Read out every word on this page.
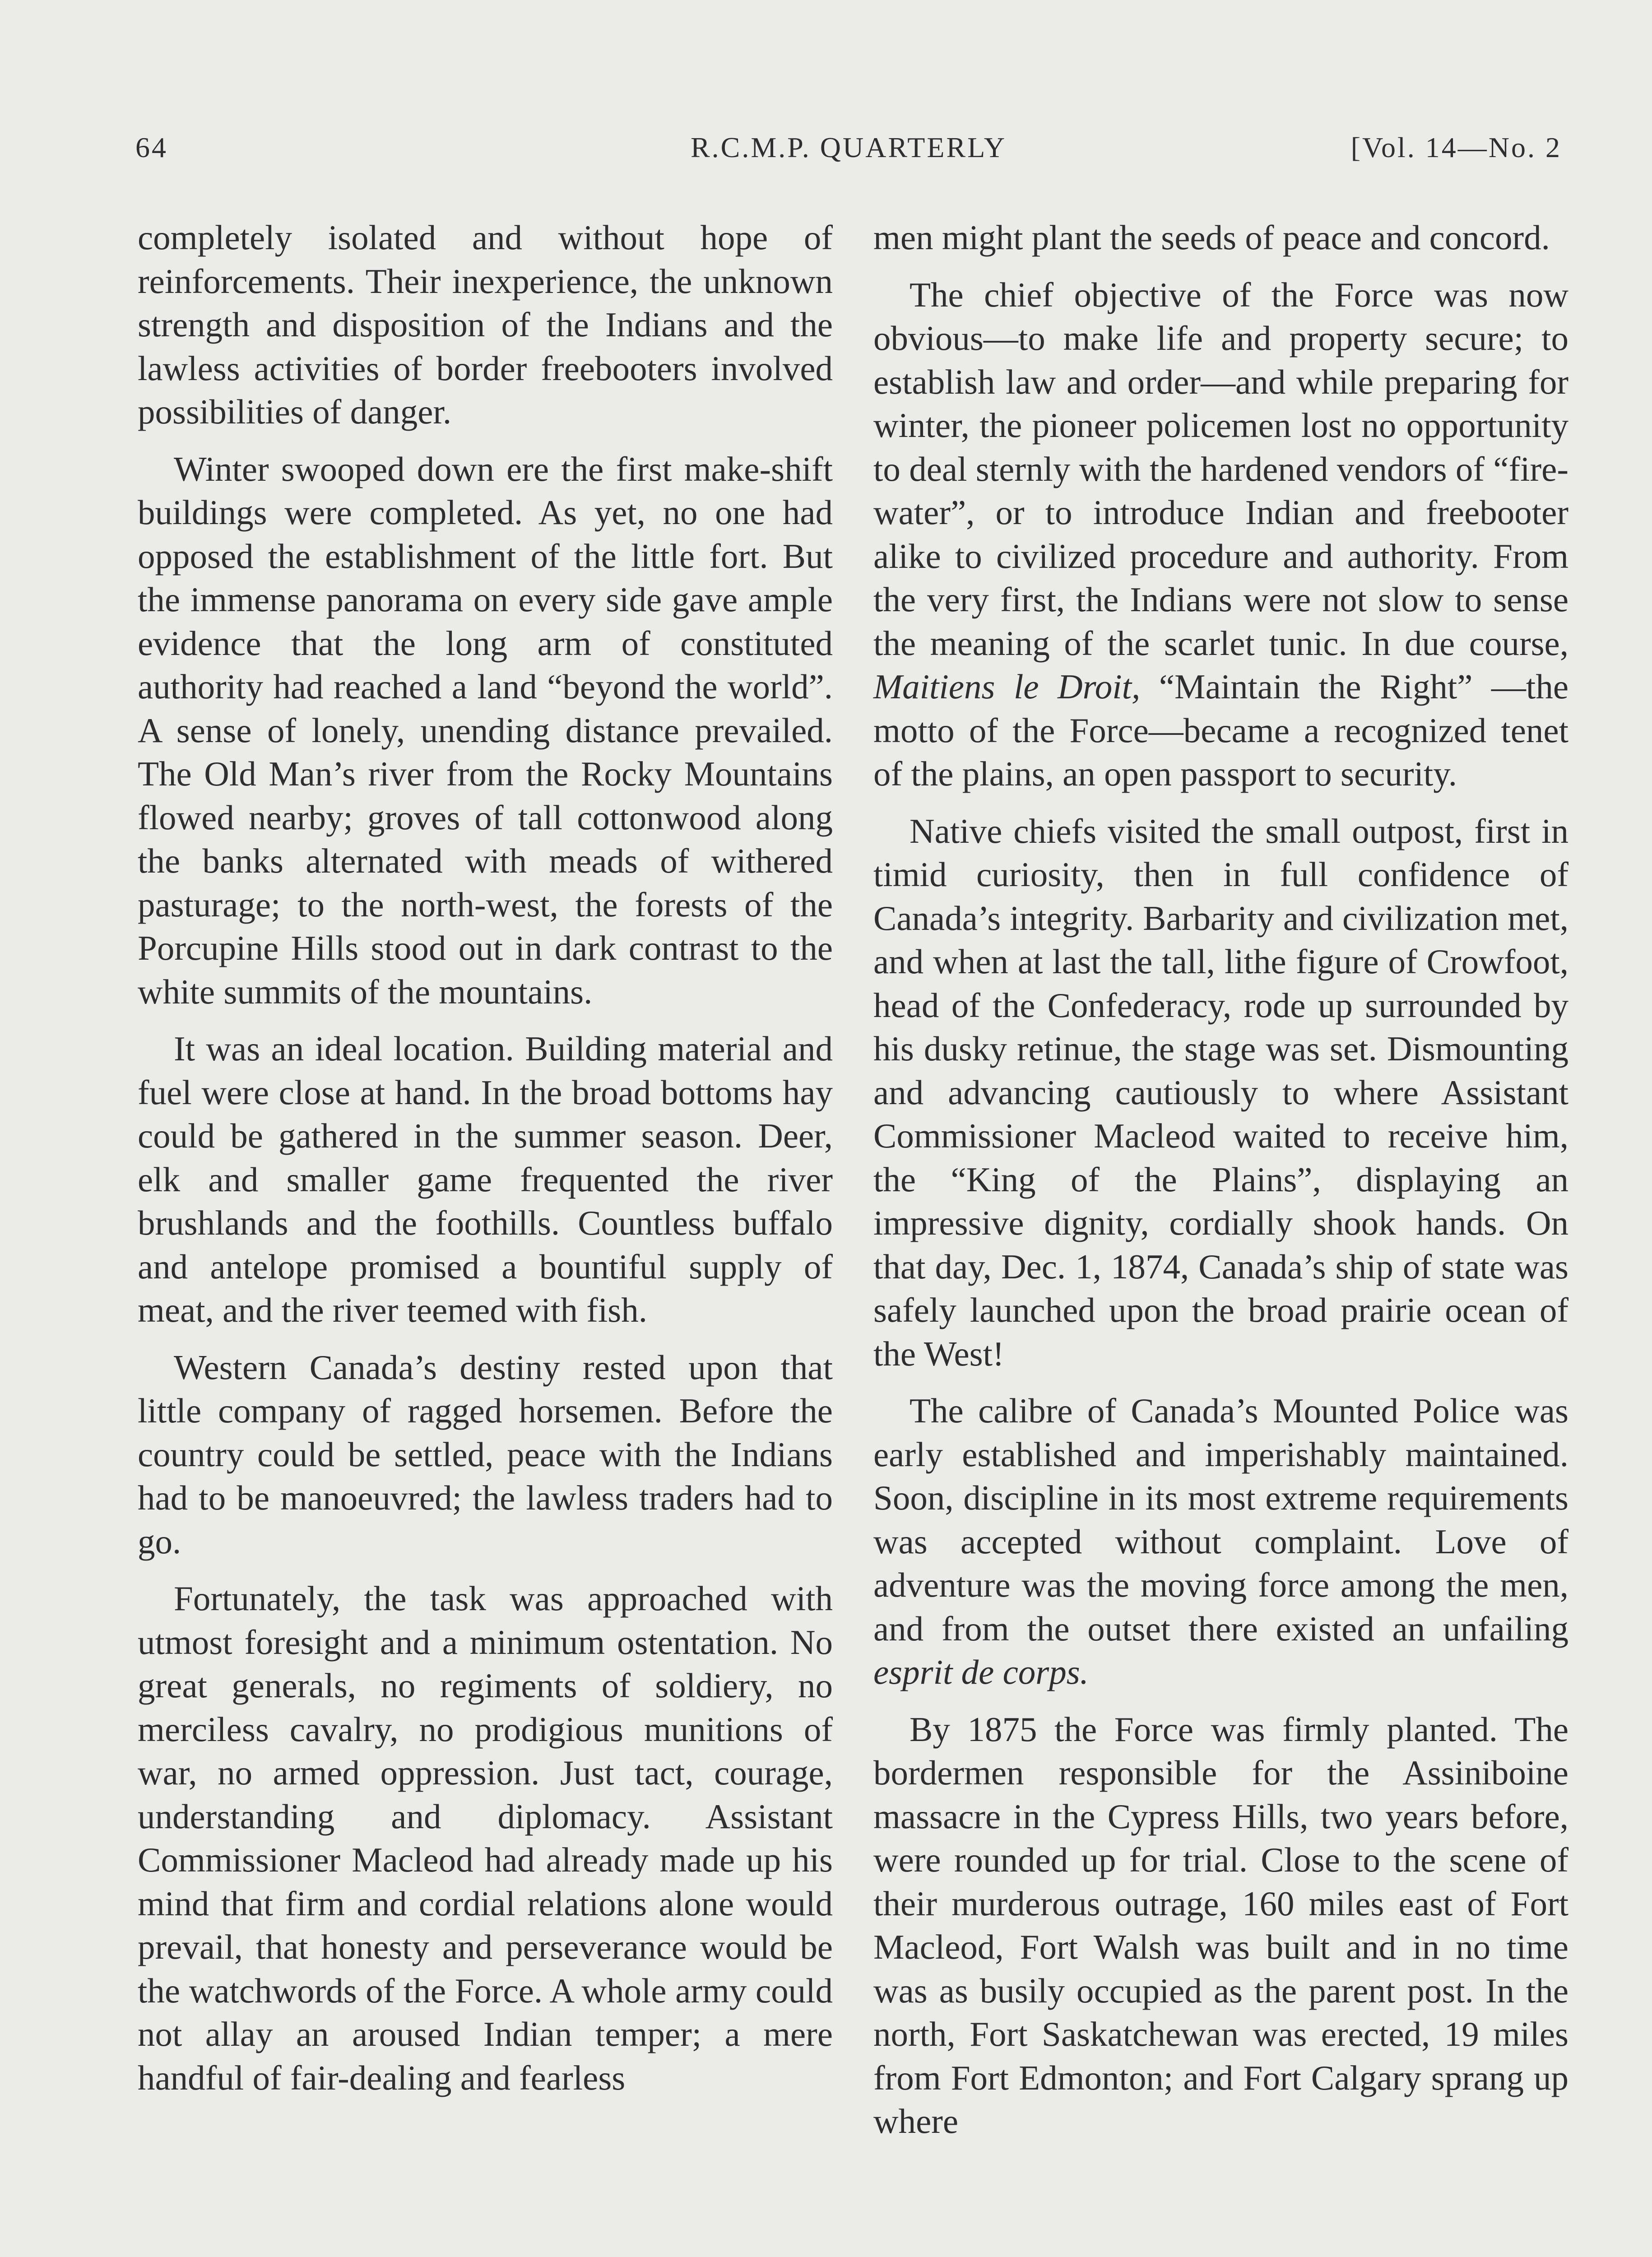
64	R.C.M.P. QUARTERLY	[Vol. 14—No. 2

completely isolated and without hope of reinforcements. Their inexperience, the unknown strength and disposition of the Indians and the lawless activities of border freebooters involved possibilities of danger.

Winter swooped down ere the first make-shift buildings were completed. As yet, no one had opposed the establishment of the little fort. But the immense panorama on every side gave ample evidence that the long arm of constituted authority had reached a land “beyond the world”. A sense of lonely, unending distance prevailed. The Old Man’s river from the Rocky Mountains flowed nearby; groves of tall cottonwood along the banks alternated with meads of withered pasturage; to the north-west, the forests of the Porcupine Hills stood out in dark contrast to the white summits of the mountains.

It was an ideal location. Building material and fuel were close at hand. In the broad bottoms hay could be gathered in the summer season. Deer, elk and smaller game frequented the river brushlands and the foothills. Countless buffalo and antelope promised a bountiful supply of meat, and the river teemed with fish.

Western Canada’s destiny rested upon that little company of ragged horsemen. Before the country could be settled, peace with the Indians had to be manoeuvred; the lawless traders had to go.

Fortunately, the task was approached with utmost foresight and a minimum ostentation. No great generals, no regiments of soldiery, no merciless cavalry, no prodigious munitions of war, no armed oppression. Just tact, courage, understanding and diplomacy. Assistant Commissioner Macleod had already made up his mind that firm and cordial relations alone would prevail, that honesty and perseverance would be the watchwords of the Force. A whole army could not allay an aroused Indian temper; a mere handful of fair-dealing and fearless

men might plant the seeds of peace and concord.

The chief objective of the Force was now obvious—to make life and property secure; to establish law and order—and while preparing for winter, the pioneer policemen lost no opportunity to deal sternly with the hardened vendors of “fire-water”, or to introduce Indian and freebooter alike to civilized procedure and authority. From the very first, the Indians were not slow to sense the meaning of the scarlet tunic. In due course, Maitiens le Droit, “Maintain the Right” —the motto of the Force—became a recognized tenet of the plains, an open passport to security.

Native chiefs visited the small outpost, first in timid curiosity, then in full confidence of Canada’s integrity. Barbarity and civilization met, and when at last the tall, lithe figure of Crowfoot, head of the Confederacy, rode up surrounded by his dusky retinue, the stage was set. Dismounting and advancing cautiously to where Assistant Commissioner Macleod waited to receive him, the “King of the Plains”, displaying an impressive dignity, cordially shook hands. On that day, Dec. 1, 1874, Canada’s ship of state was safely launched upon the broad prairie ocean of the West!

The calibre of Canada’s Mounted Police was early established and imperishably maintained. Soon, discipline in its most extreme requirements was accepted without complaint. Love of adventure was the moving force among the men, and from the outset there existed an unfailing esprit de corps.

By 1875 the Force was firmly planted. The bordermen responsible for the Assiniboine massacre in the Cypress Hills, two years before, were rounded up for trial. Close to the scene of their murderous outrage, 160 miles east of Fort Macleod, Fort Walsh was built and in no time was as busily occupied as the parent post. In the north, Fort Saskatchewan was erected, 19 miles from Fort Edmonton; and Fort Calgary sprang up where
